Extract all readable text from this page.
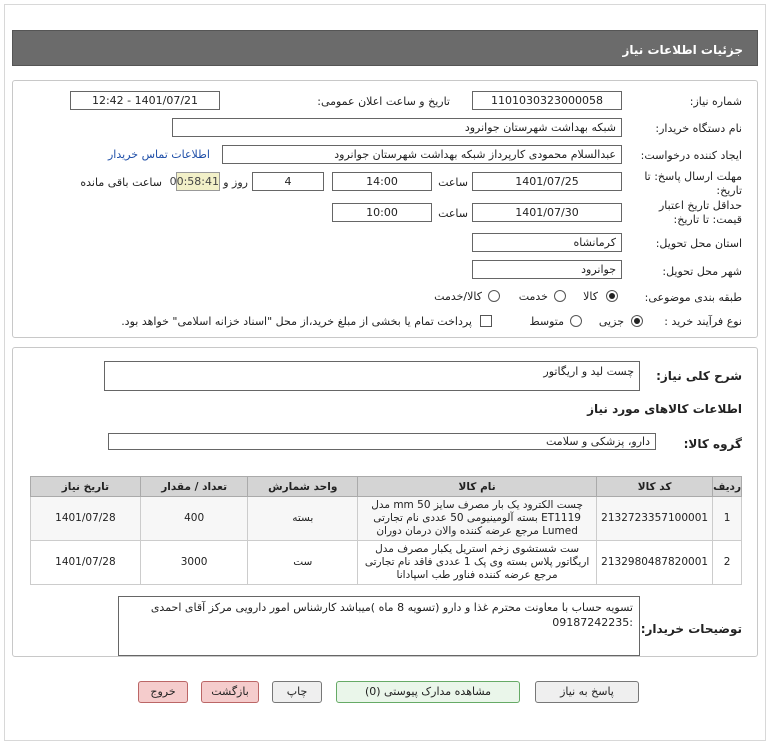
جزئیات اطلاعات نیاز
شماره نیاز:
1101030323000058
تاریخ و ساعت اعلان عمومی:
1401/07/21 - 12:42
نام دستگاه خریدار:
شبکه بهداشت شهرستان جوانرود
ایجاد کننده درخواست:
عبدالسلام محمودی کارپرداز شبکه بهداشت شهرستان جوانرود
اطلاعات تماس خریدار
مهلت ارسال پاسخ: تا
تاریخ:
1401/07/25
ساعت
14:00
4
روز و
00:58:41
ساعت باقی مانده
حداقل تاریخ اعتبار
قیمت: تا تاریخ:
1401/07/30
ساعت
10:00
استان محل تحویل:
کرمانشاه
شهر محل تحویل:
جوانرود
طبقه بندی موضوعی:
کالا
خدمت
کالا/خدمت
نوع فرآیند خرید :
جزیی
متوسط
پرداخت تمام یا بخشی از مبلغ خرید،از محل "اسناد خزانه اسلامی" خواهد بود.
شرح کلی نیاز:
چست لید و اریگاتور
اطلاعات کالاهای مورد نیاز
گروه کالا:
دارو، پزشکی و سلامت
ردیف	کد کالا	نام کالا	واحد شمارش	تعداد / مقدار	تاریخ نیاز
1	2132723357100001	چست الکترود یک بار مصرف سایز 50 mm مدل ET1119 بسته آلومینیومی 50 عددی نام تجارتی Lumed مرجع عرضه کننده والان درمان دوران	بسته	400	1401/07/28
2	2132980487820001	ست شستشوی زخم استریل یکبار مصرف مدل اریگاتور پلاس بسته وی پک 1 عددی فاقد نام تجارتی مرجع عرضه کننده فناور طب اسپادانا	ست	3000	1401/07/28
توضیحات خریدار:
تسویه حساب با معاونت محترم غذا و دارو (تسویه 8 ماه )میباشد کارشناس امور دارویی مرکز آقای احمدی :09187242235
پاسخ به نیاز
مشاهده مدارک پیوستی (0)
چاپ
بازگشت
خروج
